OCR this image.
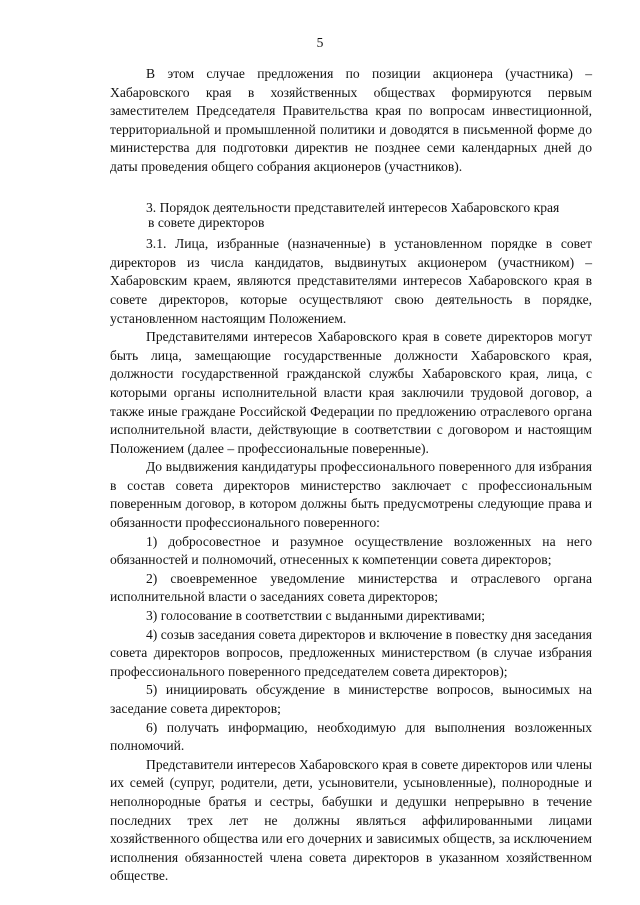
5

В этом случае предложения по позиции акционера (участника) – Хабаровского края в хозяйственных обществах формируются первым заместителем Председателя Правительства края по вопросам инвестиционной, территориальной и промышленной политики и доводятся в письменной форме до министерства для подготовки директив не позднее семи календарных дней до даты проведения общего собрания акционеров (участников).

3. Порядок деятельности представителей интересов Хабаровского края
в совете директоров

3.1. Лица, избранные (назначенные) в установленном порядке в совет директоров из числа кандидатов, выдвинутых акционером (участником) – Хабаровским краем, являются представителями интересов Хабаровского края в совете директоров, которые осуществляют свою деятельность в порядке, установленном настоящим Положением.

Представителями интересов Хабаровского края в совете директоров могут быть лица, замещающие государственные должности Хабаровского края, должности государственной гражданской службы Хабаровского края, лица, с которыми органы исполнительной власти края заключили трудовой договор, а также иные граждане Российской Федерации по предложению отраслевого органа исполнительной власти, действующие в соответствии с договором и настоящим Положением (далее – профессиональные поверенные).

До выдвижения кандидатуры профессионального поверенного для избрания в состав совета директоров министерство заключает с профессиональным поверенным договор, в котором должны быть предусмотрены следующие права и обязанности профессионального поверенного:

1) добросовестное и разумное осуществление возложенных на него обязанностей и полномочий, отнесенных к компетенции совета директоров;

2) своевременное уведомление министерства и отраслевого органа исполнительной власти о заседаниях совета директоров;

3) голосование в соответствии с выданными директивами;

4) созыв заседания совета директоров и включение в повестку дня заседания совета директоров вопросов, предложенных министерством (в случае избрания профессионального поверенного председателем совета директоров);

5) инициировать обсуждение в министерстве вопросов, выносимых на заседание совета директоров;

6) получать информацию, необходимую для выполнения возложенных полномочий.

Представители интересов Хабаровского края в совете директоров или члены их семей (супруг, родители, дети, усыновители, усыновленные), полнородные и неполнородные братья и сестры, бабушки и дедушки непрерывно в течение последних трех лет не должны являться аффилированными лицами хозяйственного общества или его дочерних и зависимых обществ, за исключением исполнения обязанностей члена совета директоров в указанном хозяйственном обществе.
